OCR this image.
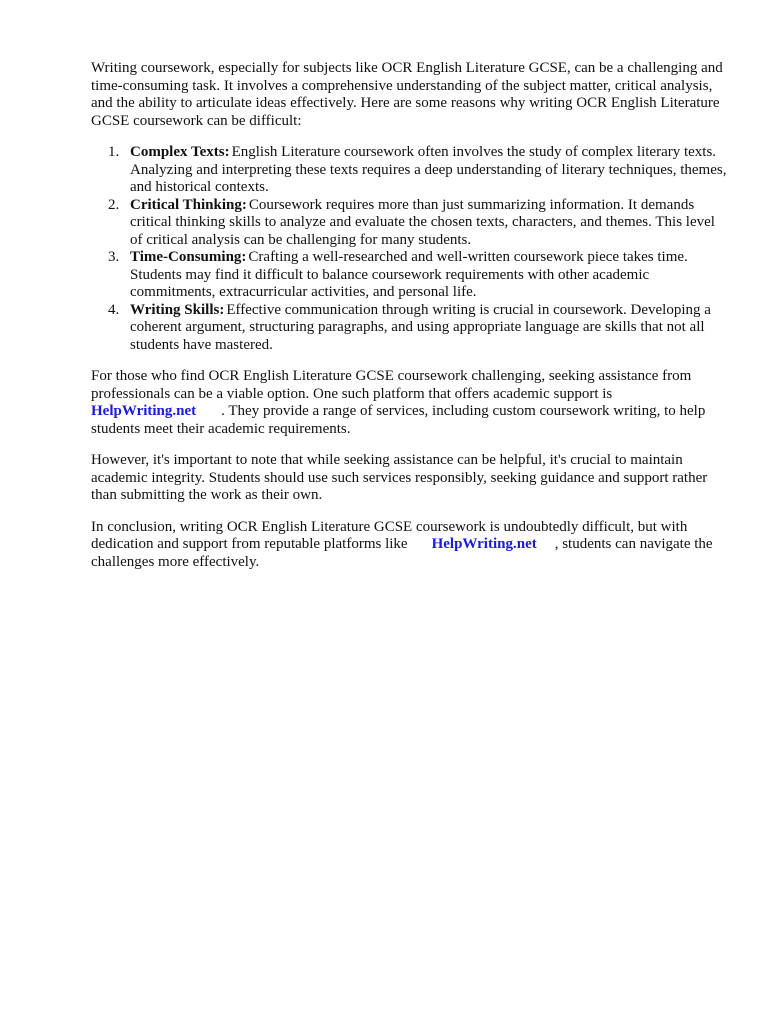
Writing coursework, especially for subjects like OCR English Literature GCSE, can be a challenging and time-consuming task. It involves a comprehensive understanding of the subject matter, critical analysis, and the ability to articulate ideas effectively. Here are some reasons why writing OCR English Literature GCSE coursework can be difficult:

1. Complex Texts: English Literature coursework often involves the study of complex literary texts. Analyzing and interpreting these texts requires a deep understanding of literary techniques, themes, and historical contexts.
2. Critical Thinking: Coursework requires more than just summarizing information. It demands critical thinking skills to analyze and evaluate the chosen texts, characters, and themes. This level of critical analysis can be challenging for many students.
3. Time-Consuming: Crafting a well-researched and well-written coursework piece takes time. Students may find it difficult to balance coursework requirements with other academic commitments, extracurricular activities, and personal life.
4. Writing Skills: Effective communication through writing is crucial in coursework. Developing a coherent argument, structuring paragraphs, and using appropriate language are skills that not all students have mastered.

For those who find OCR English Literature GCSE coursework challenging, seeking assistance from professionals can be a viable option. One such platform that offers academic support is
HelpWriting.net . They provide a range of services, including custom coursework writing, to help students meet their academic requirements.

However, it's important to note that while seeking assistance can be helpful, it's crucial to maintain academic integrity. Students should use such services responsibly, seeking guidance and support rather than submitting the work as their own.

In conclusion, writing OCR English Literature GCSE coursework is undoubtedly difficult, but with dedication and support from reputable platforms like HelpWriting.net , students can navigate the challenges more effectively.
